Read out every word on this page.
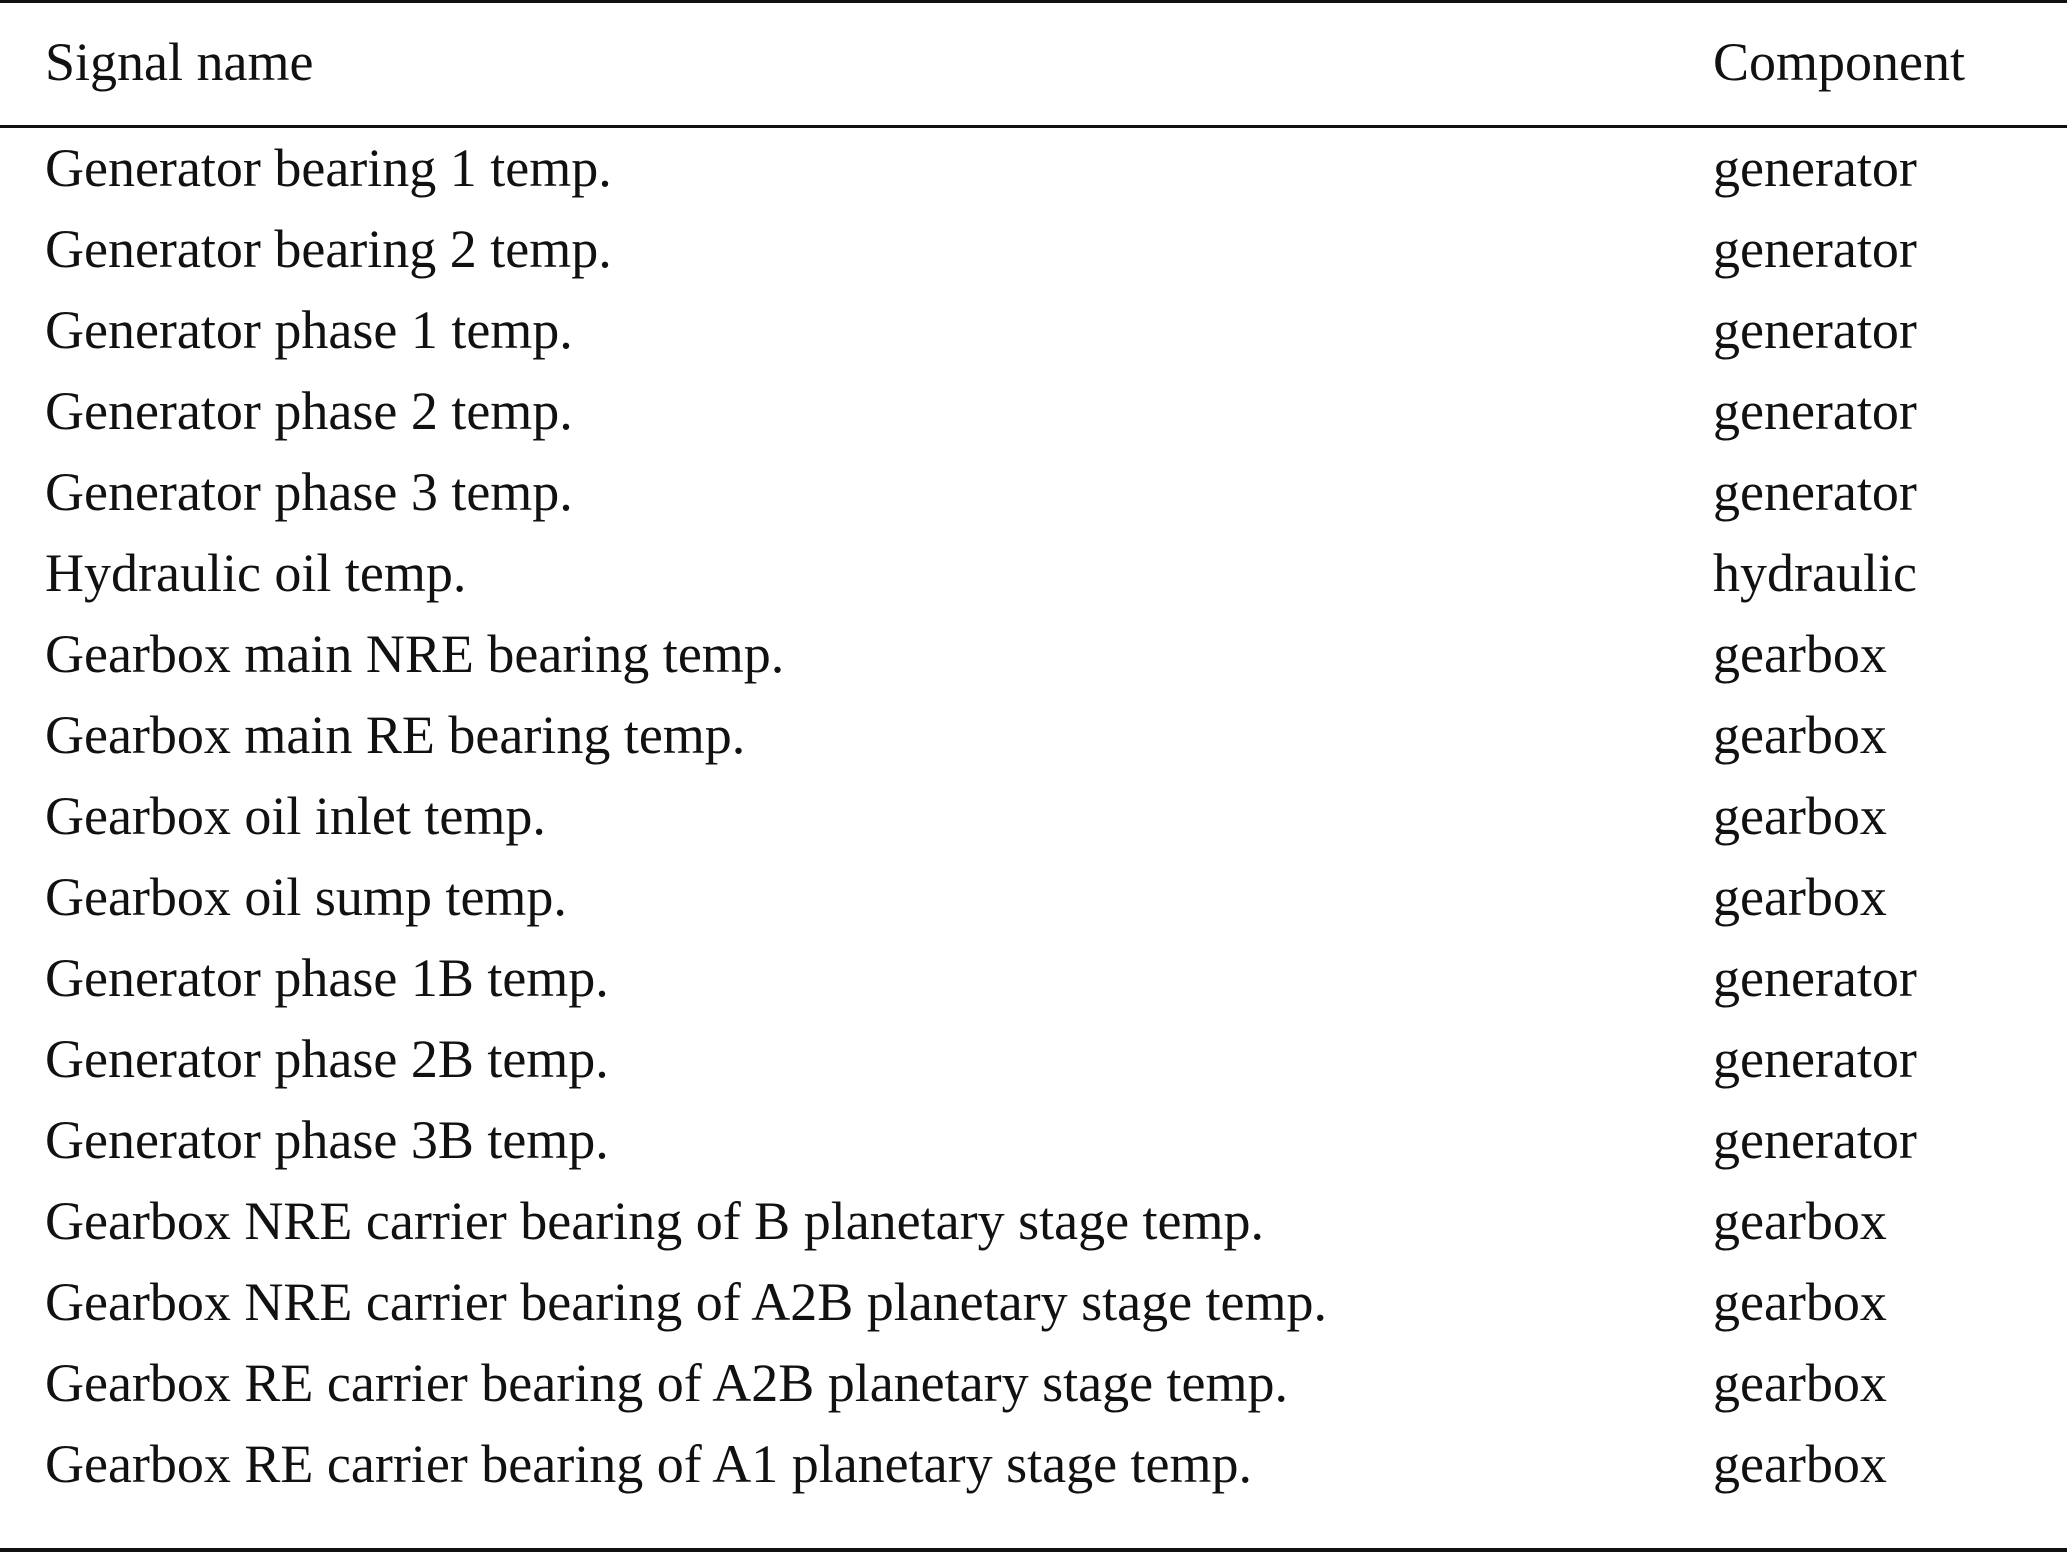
Signal name	Component
Generator bearing 1 temp.	generator
Generator bearing 2 temp.	generator
Generator phase 1 temp.	generator
Generator phase 2 temp.	generator
Generator phase 3 temp.	generator
Hydraulic oil temp.	hydraulic
Gearbox main NRE bearing temp.	gearbox
Gearbox main RE bearing temp.	gearbox
Gearbox oil inlet temp.	gearbox
Gearbox oil sump temp.	gearbox
Generator phase 1B temp.	generator
Generator phase 2B temp.	generator
Generator phase 3B temp.	generator
Gearbox NRE carrier bearing of B planetary stage temp.	gearbox
Gearbox NRE carrier bearing of A2B planetary stage temp.	gearbox
Gearbox RE carrier bearing of A2B planetary stage temp.	gearbox
Gearbox RE carrier bearing of A1 planetary stage temp.	gearbox
